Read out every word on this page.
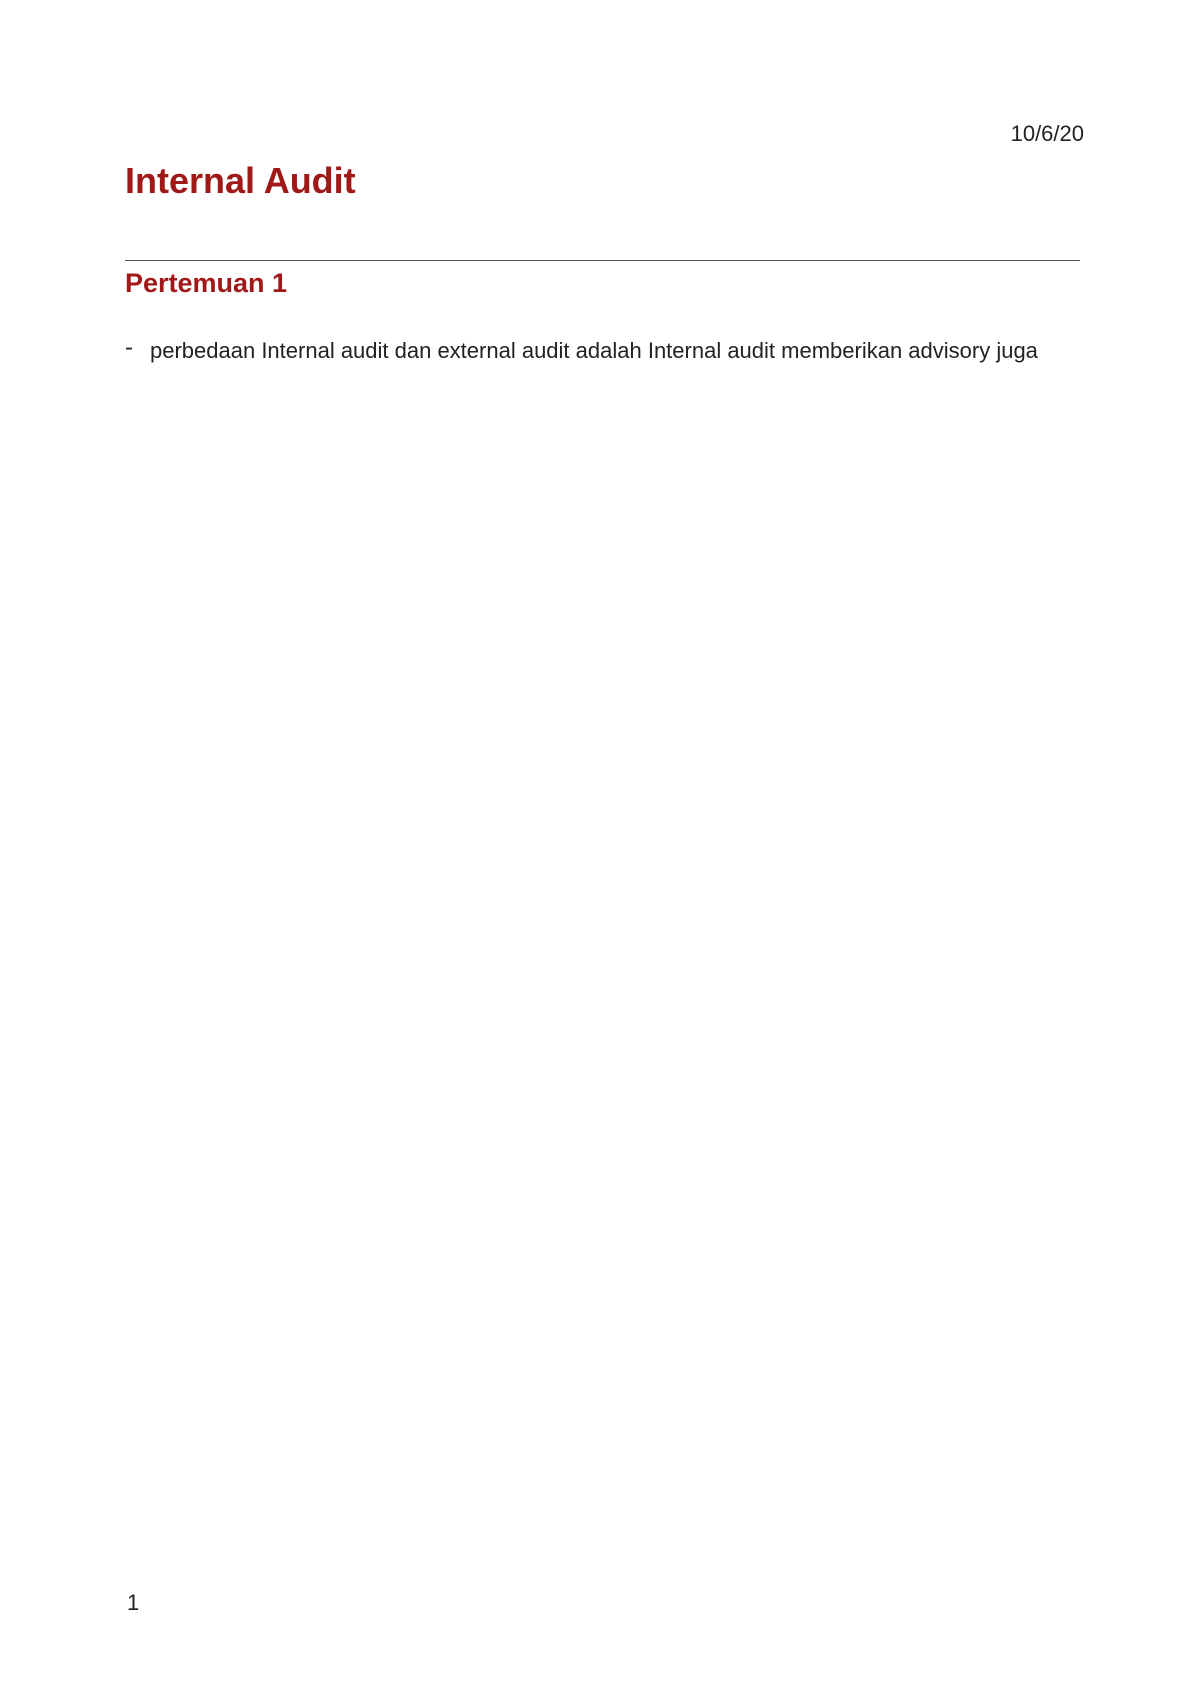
10/6/20
Internal Audit
Pertemuan 1
- perbedaan Internal audit dan external audit adalah Internal audit memberikan advisory juga
1
